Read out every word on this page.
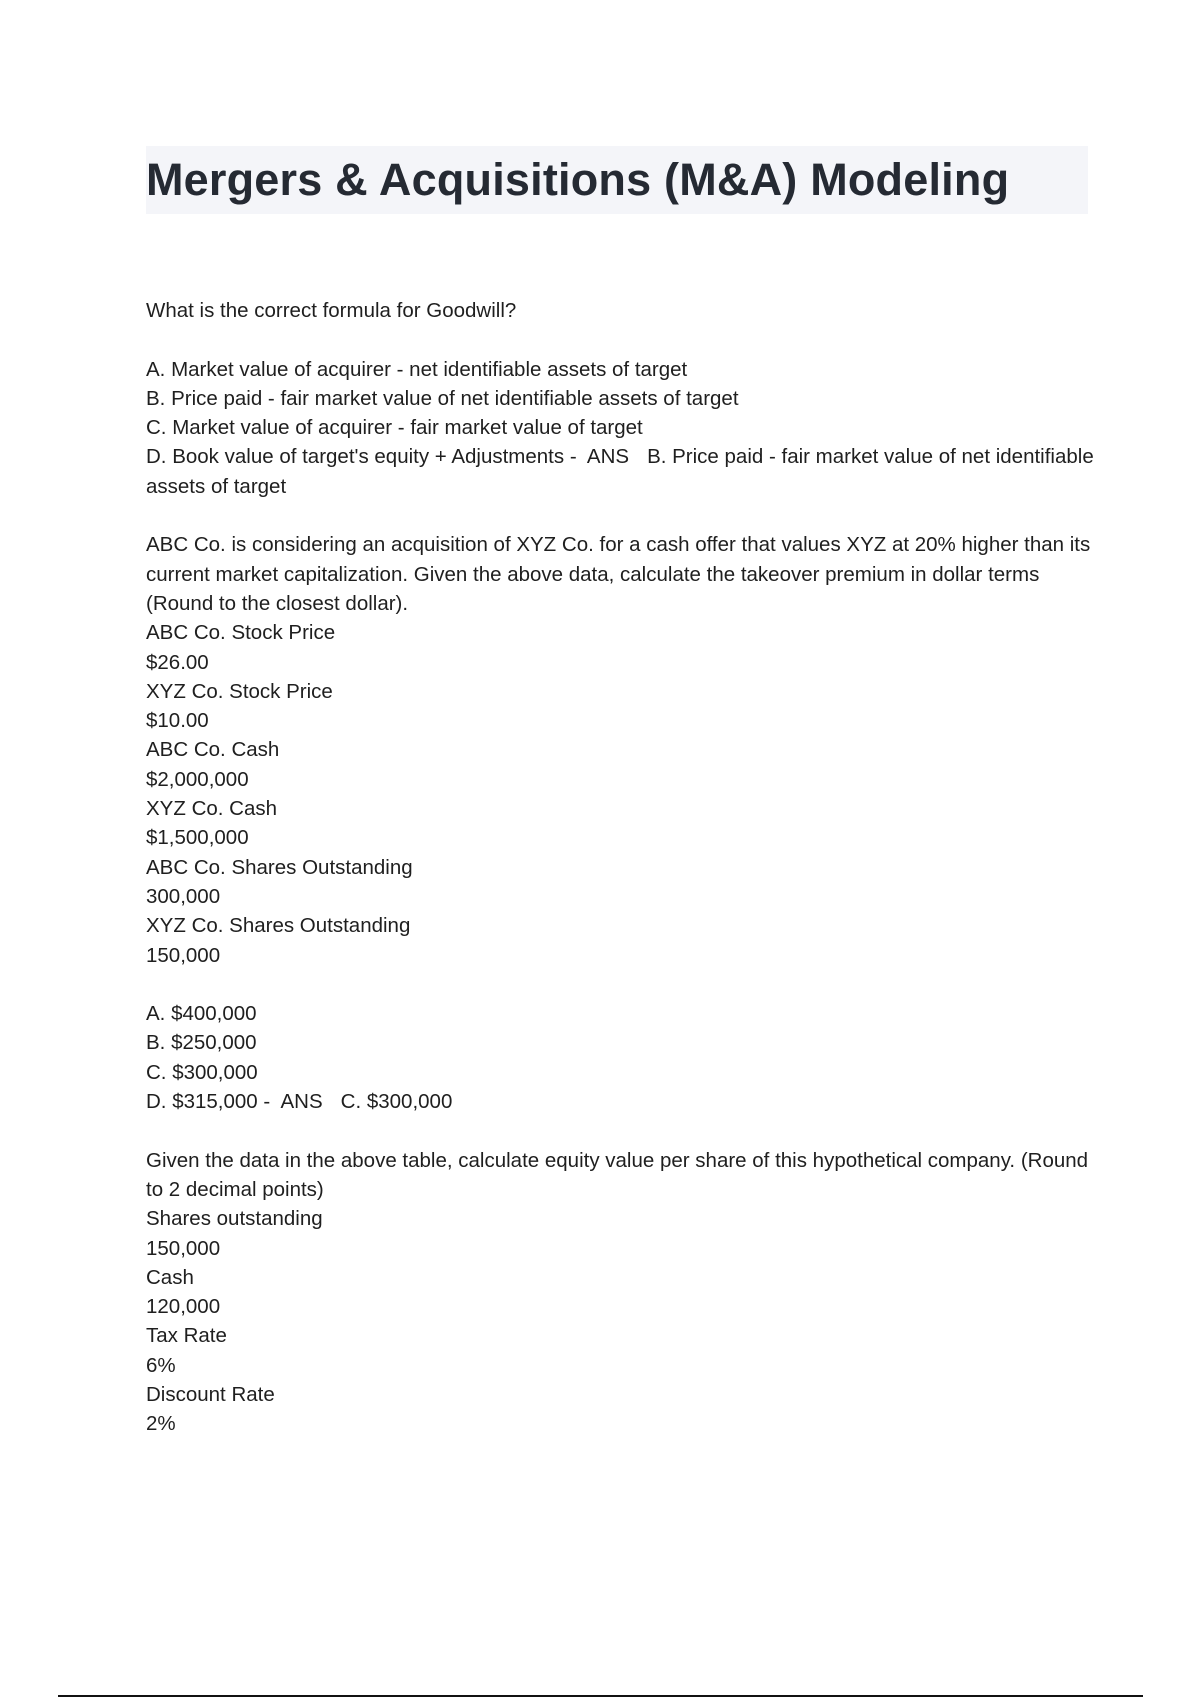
Mergers & Acquisitions (M&A) Modeling
What is the correct formula for Goodwill?
A. Market value of acquirer - net identifiable assets of target
B. Price paid - fair market value of net identifiable assets of target
C. Market value of acquirer - fair market value of target
D. Book value of target's equity + Adjustments -  ANS B. Price paid - fair market value of net identifiable assets of target
ABC Co. is considering an acquisition of XYZ Co. for a cash offer that values XYZ at 20% higher than its current market capitalization. Given the above data, calculate the takeover premium in dollar terms (Round to the closest dollar).
ABC Co. Stock Price
$26.00
XYZ Co. Stock Price
$10.00
ABC Co. Cash
$2,000,000
XYZ Co. Cash
$1,500,000
ABC Co. Shares Outstanding
300,000
XYZ Co. Shares Outstanding
150,000
A. $400,000
B. $250,000
C. $300,000
D. $315,000 -  ANS C. $300,000
Given the data in the above table, calculate equity value per share of this hypothetical company. (Round to 2 decimal points)
Shares outstanding
150,000
Cash
120,000
Tax Rate
6%
Discount Rate
2%
